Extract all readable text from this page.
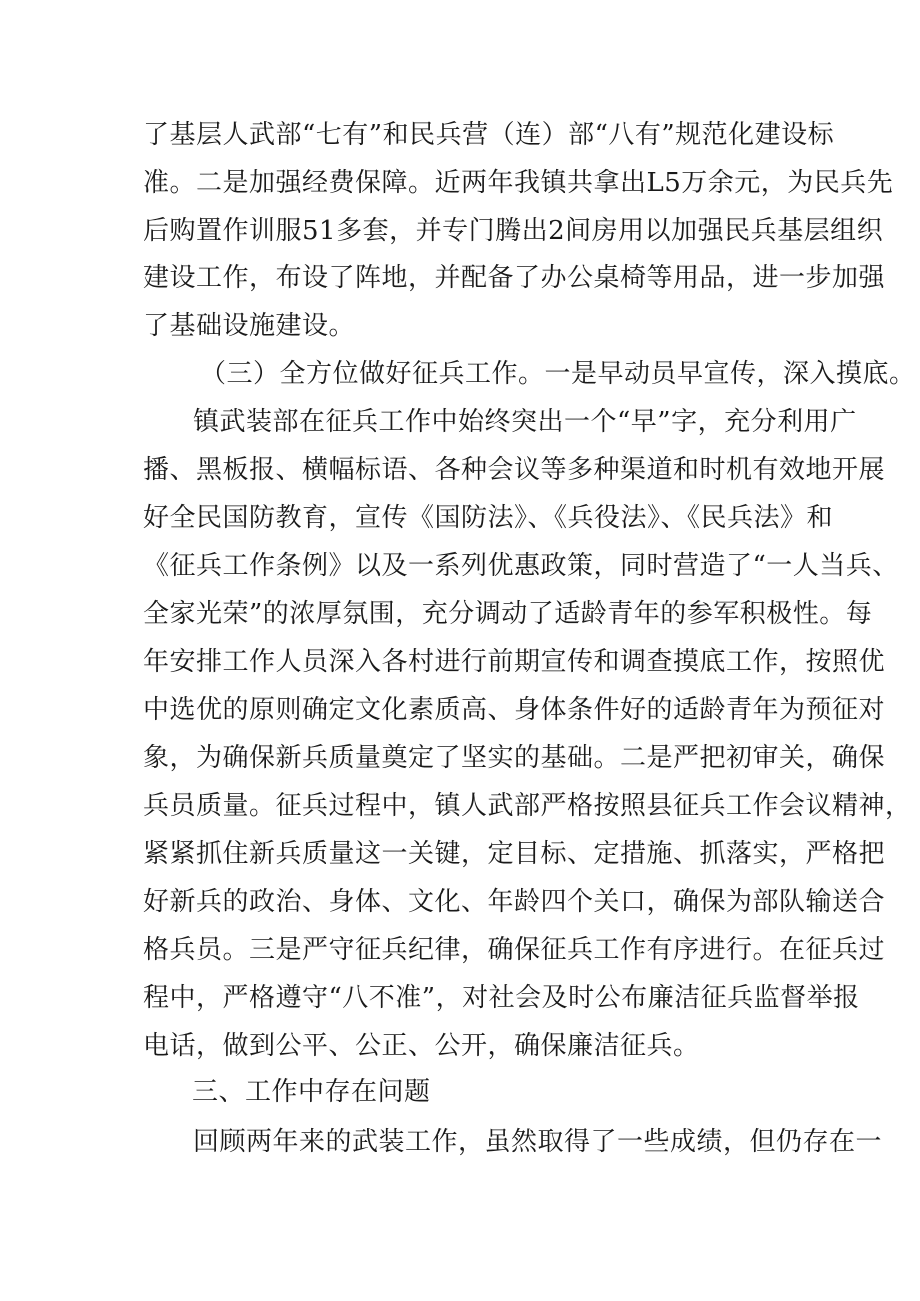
了基层人武部“七有”和民兵营（连）部“八有”规范化建设标
准。二是加强经费保障。近两年我镇共拿出L5万余元，为民兵先
后购置作训服51多套，并专门腾出2间房用以加强民兵基层组织
建设工作，布设了阵地，并配备了办公桌椅等用品，进一步加强
了基础设施建设。
（三）全方位做好征兵工作。一是早动员早宣传，深入摸底。
镇武装部在征兵工作中始终突出一个“早”字，充分利用广
播、黑板报、横幅标语、各种会议等多种渠道和时机有效地开展
好全民国防教育，宣传《国防法》、《兵役法》、《民兵法》和
《征兵工作条例》以及一系列优惠政策，同时营造了“一人当兵、
全家光荣”的浓厚氛围，充分调动了适龄青年的参军积极性。每
年安排工作人员深入各村进行前期宣传和调查摸底工作，按照优
中选优的原则确定文化素质高、身体条件好的适龄青年为预征对
象，为确保新兵质量奠定了坚实的基础。二是严把初审关，确保
兵员质量。征兵过程中，镇人武部严格按照县征兵工作会议精神，
紧紧抓住新兵质量这一关键，定目标、定措施、抓落实，严格把
好新兵的政治、身体、文化、年龄四个关口，确保为部队输送合
格兵员。三是严守征兵纪律，确保征兵工作有序进行。在征兵过
程中，严格遵守“八不准”，对社会及时公布廉洁征兵监督举报
电话，做到公平、公正、公开，确保廉洁征兵。
三、工作中存在问题
回顾两年来的武装工作，虽然取得了一些成绩，但仍存在一
